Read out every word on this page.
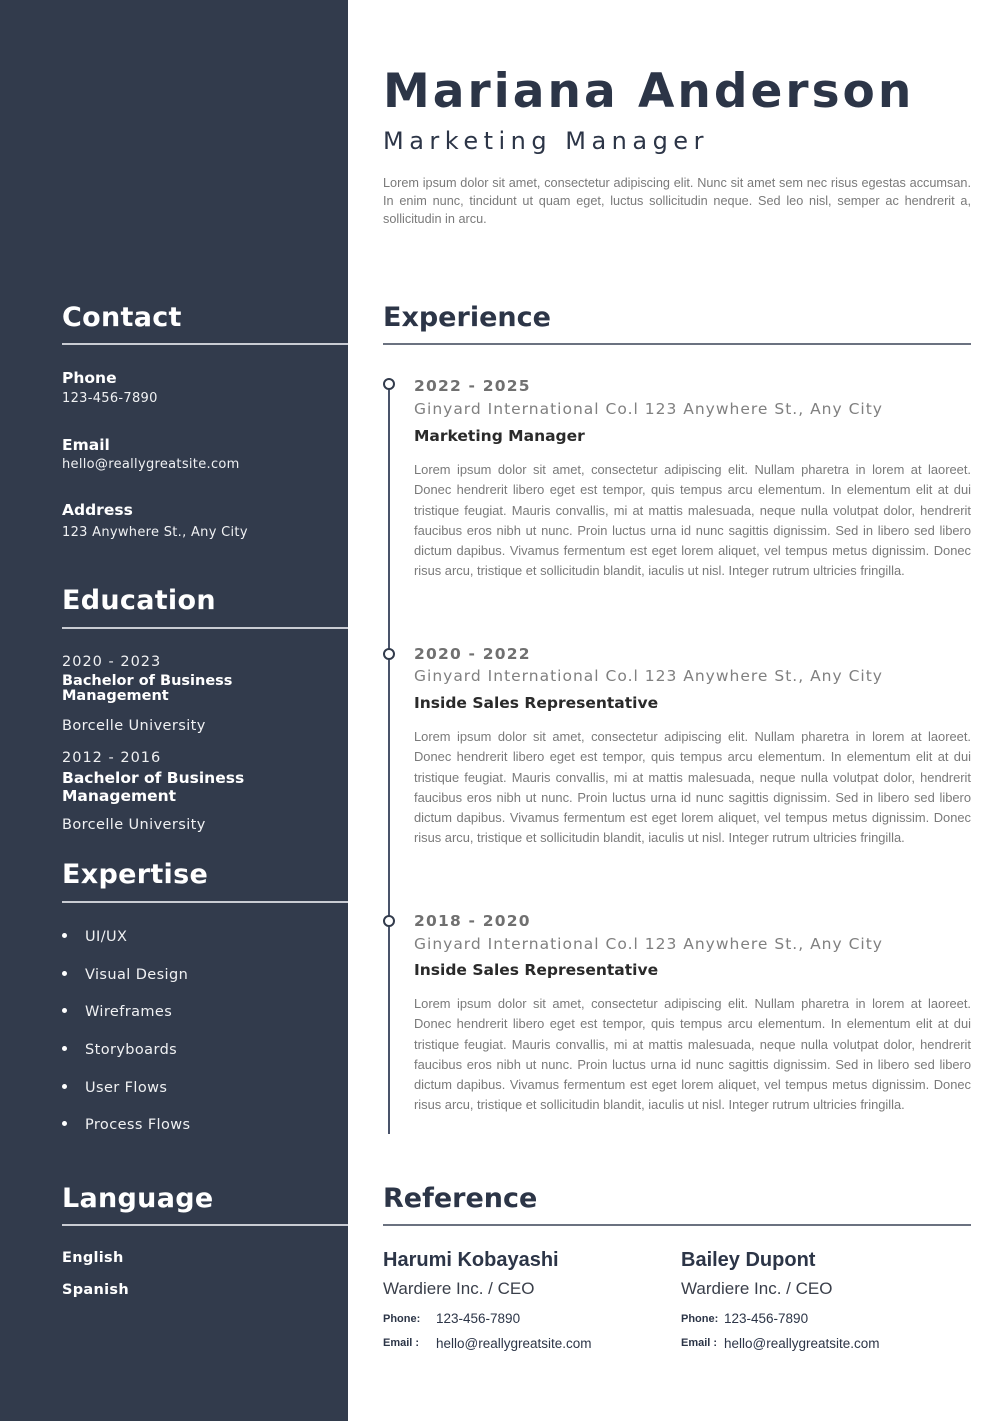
Contact
Phone
123-456-7890
Email
hello@reallygreatsite.com
Address
123 Anywhere St., Any City
Education
2020 - 2023
Bachelor of Business Management
Borcelle University
2012 - 2016
Bachelor of Business Management
Borcelle University
Expertise
UI/UX
Visual Design
Wireframes
Storyboards
User Flows
Process Flows
Language
English
Spanish
Mariana Anderson
Marketing Manager
Lorem ipsum dolor sit amet, consectetur adipiscing elit. Nunc sit amet sem nec risus egestas accumsan. In enim nunc, tincidunt ut quam eget, luctus sollicitudin neque. Sed leo nisl, semper ac hendrerit a, sollicitudin in arcu.
Experience
2022 - 2025
Ginyard International Co.l 123 Anywhere St., Any City
Marketing Manager
Lorem ipsum dolor sit amet, consectetur adipiscing elit. Nullam pharetra in lorem at laoreet. Donec hendrerit libero eget est tempor, quis tempus arcu elementum. In elementum elit at dui tristique feugiat. Mauris convallis, mi at mattis malesuada, neque nulla volutpat dolor, hendrerit faucibus eros nibh ut nunc. Proin luctus urna id nunc sagittis dignissim. Sed in libero sed libero dictum dapibus. Vivamus fermentum est eget lorem aliquet, vel tempus metus dignissim. Donec risus arcu, tristique et sollicitudin blandit, iaculis ut nisl. Integer rutrum ultricies fringilla.
2020 - 2022
Ginyard International Co.l 123 Anywhere St., Any City
Inside Sales Representative
Lorem ipsum dolor sit amet, consectetur adipiscing elit. Nullam pharetra in lorem at laoreet. Donec hendrerit libero eget est tempor, quis tempus arcu elementum. In elementum elit at dui tristique feugiat. Mauris convallis, mi at mattis malesuada, neque nulla volutpat dolor, hendrerit faucibus eros nibh ut nunc. Proin luctus urna id nunc sagittis dignissim. Sed in libero sed libero dictum dapibus. Vivamus fermentum est eget lorem aliquet, vel tempus metus dignissim. Donec risus arcu, tristique et sollicitudin blandit, iaculis ut nisl. Integer rutrum ultricies fringilla.
2018 - 2020
Ginyard International Co.l 123 Anywhere St., Any City
Inside Sales Representative
Lorem ipsum dolor sit amet, consectetur adipiscing elit. Nullam pharetra in lorem at laoreet. Donec hendrerit libero eget est tempor, quis tempus arcu elementum. In elementum elit at dui tristique feugiat. Mauris convallis, mi at mattis malesuada, neque nulla volutpat dolor, hendrerit faucibus eros nibh ut nunc. Proin luctus urna id nunc sagittis dignissim. Sed in libero sed libero dictum dapibus. Vivamus fermentum est eget lorem aliquet, vel tempus metus dignissim. Donec risus arcu, tristique et sollicitudin blandit, iaculis ut nisl. Integer rutrum ultricies fringilla.
Reference
Harumi Kobayashi
Wardiere Inc. / CEO
Phone: 123-456-7890
Email : hello@reallygreatsite.com
Bailey Dupont
Wardiere Inc. / CEO
Phone: 123-456-7890
Email : hello@reallygreatsite.com
